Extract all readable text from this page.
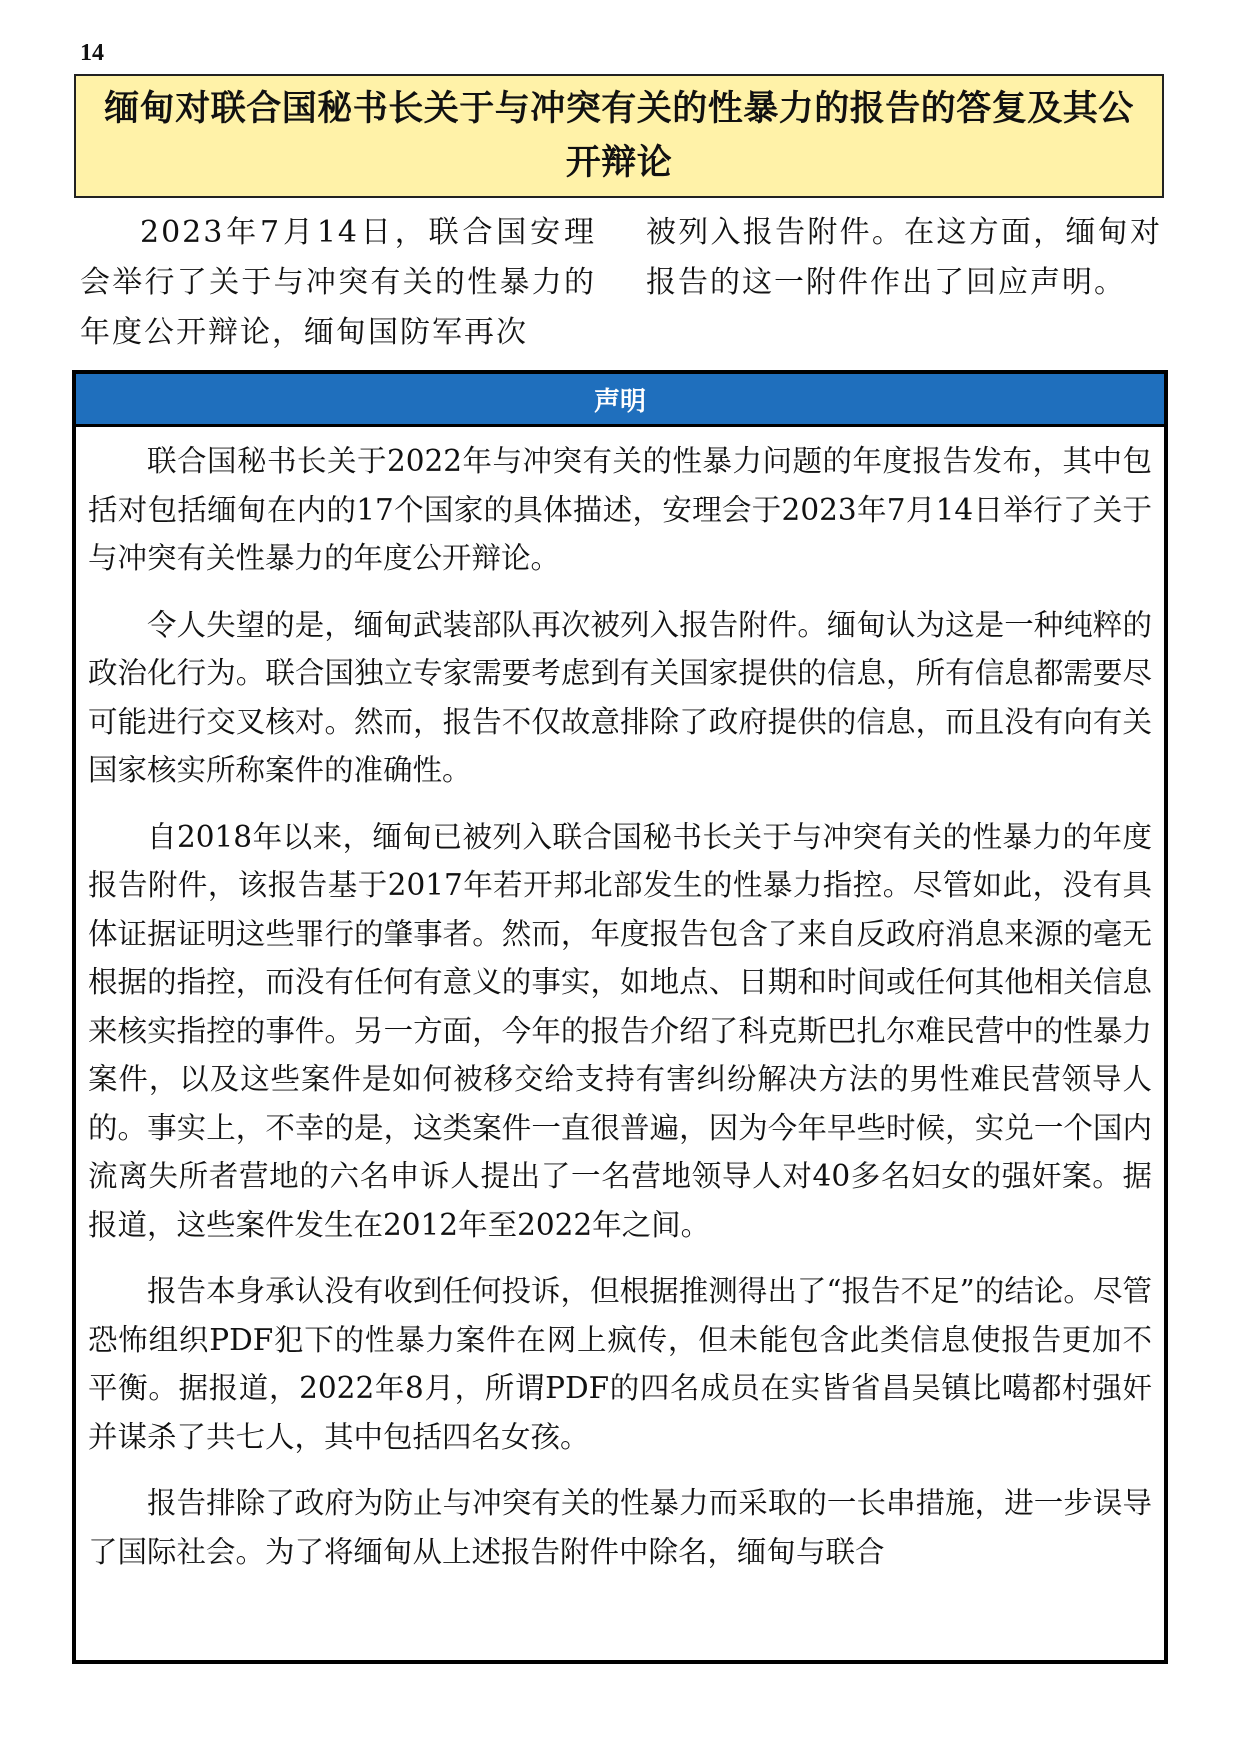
14
缅甸对联合国秘书长关于与冲突有关的性暴力的报告的答复及其公开辩论

2023年7月14日，联合国安理会举行了关于与冲突有关的性暴力的年度公开辩论，缅甸国防军再次

被列入报告附件。在这方面，缅甸对报告的这一附件作出了回应声明。

声明

联合国秘书长关于2022年与冲突有关的性暴力问题的年度报告发布，其中包括对包括缅甸在内的17个国家的具体描述，安理会于2023年7月14日举行了关于与冲突有关性暴力的年度公开辩论。

令人失望的是，缅甸武装部队再次被列入报告附件。缅甸认为这是一种纯粹的政治化行为。联合国独立专家需要考虑到有关国家提供的信息，所有信息都需要尽可能进行交叉核对。然而，报告不仅故意排除了政府提供的信息，而且没有向有关国家核实所称案件的准确性。

自2018年以来，缅甸已被列入联合国秘书长关于与冲突有关的性暴力的年度报告附件，该报告基于2017年若开邦北部发生的性暴力指控。尽管如此，没有具体证据证明这些罪行的肇事者。然而，年度报告包含了来自反政府消息来源的毫无根据的指控，而没有任何有意义的事实，如地点、日期和时间或任何其他相关信息来核实指控的事件。另一方面，今年的报告介绍了科克斯巴扎尔难民营中的性暴力案件，以及这些案件是如何被移交给支持有害纠纷解决方法的男性难民营领导人的。事实上，不幸的是，这类案件一直很普遍，因为今年早些时候，实兑一个国内流离失所者营地的六名申诉人提出了一名营地领导人对40多名妇女的强奸案。据报道，这些案件发生在2012年至2022年之间。

报告本身承认没有收到任何投诉，但根据推测得出了“报告不足”的结论。尽管恐怖组织PDF犯下的性暴力案件在网上疯传，但未能包含此类信息使报告更加不平衡。据报道，2022年8月，所谓PDF的四名成员在实皆省昌吴镇比噶都村强奸并谋杀了共七人，其中包括四名女孩。

报告排除了政府为防止与冲突有关的性暴力而采取的一长串措施，进一步误导了国际社会。为了将缅甸从上述报告附件中除名，缅甸与联合
